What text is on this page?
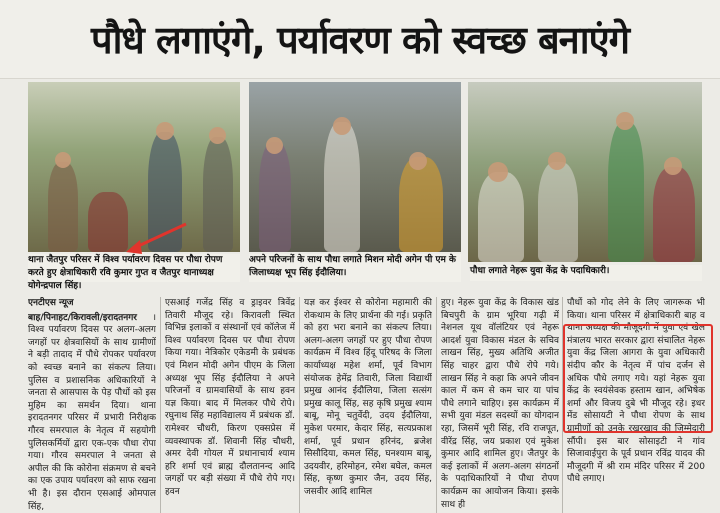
पौधे लगाएंगे, पर्यावरण को स्वच्छ बनाएंगे
थाना जैतपुर परिसर में विश्व पर्यावरण दिवस पर पौधा रोपण करते हुए क्षेत्राधिकारी रवि कुमार गुप्त व जैतपुर थानाध्यक्ष योगेन्द्रपाल सिंह।
अपने परिजनों के साथ पौधा लगाते मिशन मोदी अगेन पी एम के जिलाध्यक्ष भूप सिंह ईदौलिया।	पौधा लगाते नेहरू युवा केंद्र के पदाधिकारी।
एनटीएस न्यूज
बाह/पिनाहट/किरावली/इरादतनगर । विश्व पर्यावरण दिवस पर अलग-अलग जगहों पर क्षेत्रवासियों के साथ ग्रामीणों ने बड़ी तादाद में पौधे रोपकर पर्यावरण को स्वच्छ बनाने का संकल्प लिया। पुलिस व प्रशासनिक अधिकारियों ने जनता से आसपास के पेड़ पौधों को इस मुहिम का समर्थन दिया। थाना इरादतनगर परिसर में प्रभारी निरीक्षक गौरव समरपाल के नेतृत्व में सहयोगी पुलिसकर्मियों द्वारा एक-एक पौधा रोपा गया। गौरव समरपाल ने जनता से अपील की कि कोरोना संक्रमण से बचने का एक उपाय पर्यावरण को साफ रखना भी है। इस दौरान एसआई ओमपाल सिंह,
एसआई गजेंद्र सिंह व ड्राइवर त्रिवेंद्र तिवारी मौजूद रहे। किरावली स्थित विभिन्न इलाकों व संस्थानों एवं कॉलेज में विश्व पर्यावरण दिवस पर पौधा रोपण किया गया। नेत्रिकोर एकेडमी के प्रबंधक एवं मिशन मोदी अगेन पीएम के जिला अध्यक्ष भूप सिंह ईदौलिया ने अपने परिजनों व ग्रामवासियों के साथ हवन यज्ञ किया। बाद में मिलकर पौधे रोपे। रघुनाथ सिंह महाविद्यालय में प्रबंधक डॉ. रामेश्वर चौधरी, किरण एक्सप्रेस में व्यवस्थापक डॉ. शिवानी सिंह चौधरी, अमर देवी गोयल में प्रधानाचार्य श्याम हरि शर्मा एवं ब्राह्म दौलतानन्द आदि जगहों पर बड़ी संख्या में पौधे रोपे गए। हवन
यज्ञ कर ईश्वर से कोरोना महामारी की रोकथाम के लिए प्रार्थना की गई। प्रकृति को हरा भरा बनाने का संकल्प लिया। अलग-अलग जगहों पर हुए पौधा रोपण कार्यक्रम में विश्व हिंदू परिषद के जिला कार्याध्यक्ष महेश शर्मा, पूर्व विभाग संयोजक हेमेंद्र तिवारी, जिला विद्यार्थी प्रमुख आनंद ईदौलिया, जिला सत्संग प्रमुख कालू सिंह, सह कृषि प्रमुख श्याम बाबू, मोनू चतुर्वेदी, उदय ईदौलिया, मुकेश परमार, केदार सिंह, सत्यप्रकाश शर्मा, पूर्व प्रधान हरिनंद, ब्रजेश सिसौदिया, कमल सिंह, घनश्याम बाबू, उदयवीर, हरिमोहन, रमेश बघेल, कमल सिंह, कृष्ण कुमार जैन, उदय सिंह, जसवीर आदि शामिल
हुए। नेहरू युवा केंद्र के विकास खंड बिचपुरी के ग्राम भूरिया गढ़ी में नेशनल यूथ वॉलंटियर एवं नेहरू आदर्श युवा विकास मंडल के सचिव लाखन सिंह, मुख्य अतिथि अजीत सिंह चाहर द्वारा पौधे रोपे गये। लाखन सिंह ने कहा कि अपने जीवन काल में कम से कम चार या पांच पौधे लगाने चाहिए। इस कार्यक्रम में सभी युवा मंडल सदस्यों का योगदान रहा, जिसमें भूरी सिंह, रवि राजपूत, वीरेंद्र सिंह, जय प्रकाश एवं मुकेश कुमार आदि शामिल हुए। जैतपुर के कई इलाकों में अलग-अलग संगठनों के पदाधिकारियों ने पौधा रोपण कार्यक्रम का आयोजन किया। इसके साथ ही
पौधों को गोद लेने के लिए जागरूक भी किया। थाना परिसर में क्षेत्राधिकारी बाह व थाना अध्यक्ष की मौजूदगी में युवा एवं खेल मंत्रालय भारत सरकार द्वारा संचालित नेहरू युवा केंद्र जिला आगरा के युवा अधिकारी संदीप कौर के नेतृत्व में पांच दर्जन से अधिक पौधे लगाए गये। यहां नेहरू युवा केंद्र के स्वयंसेवक हस्ताम खान, अभिषेक शर्मा और विजय दुबे भी मौजूद रहे। इधर मेंड सोसायटी ने पौधा रोपण के साथ ग्रामीणों को उनके रखरखाव की जिम्मेदारी सौंपी। इस बार सोसाइटी ने गांव सिजावाईपुरा के पूर्व प्रधान रविंद्र यादव की मौजूदगी में श्री राम मंदिर परिसर में 200 पौधे लगाए।
